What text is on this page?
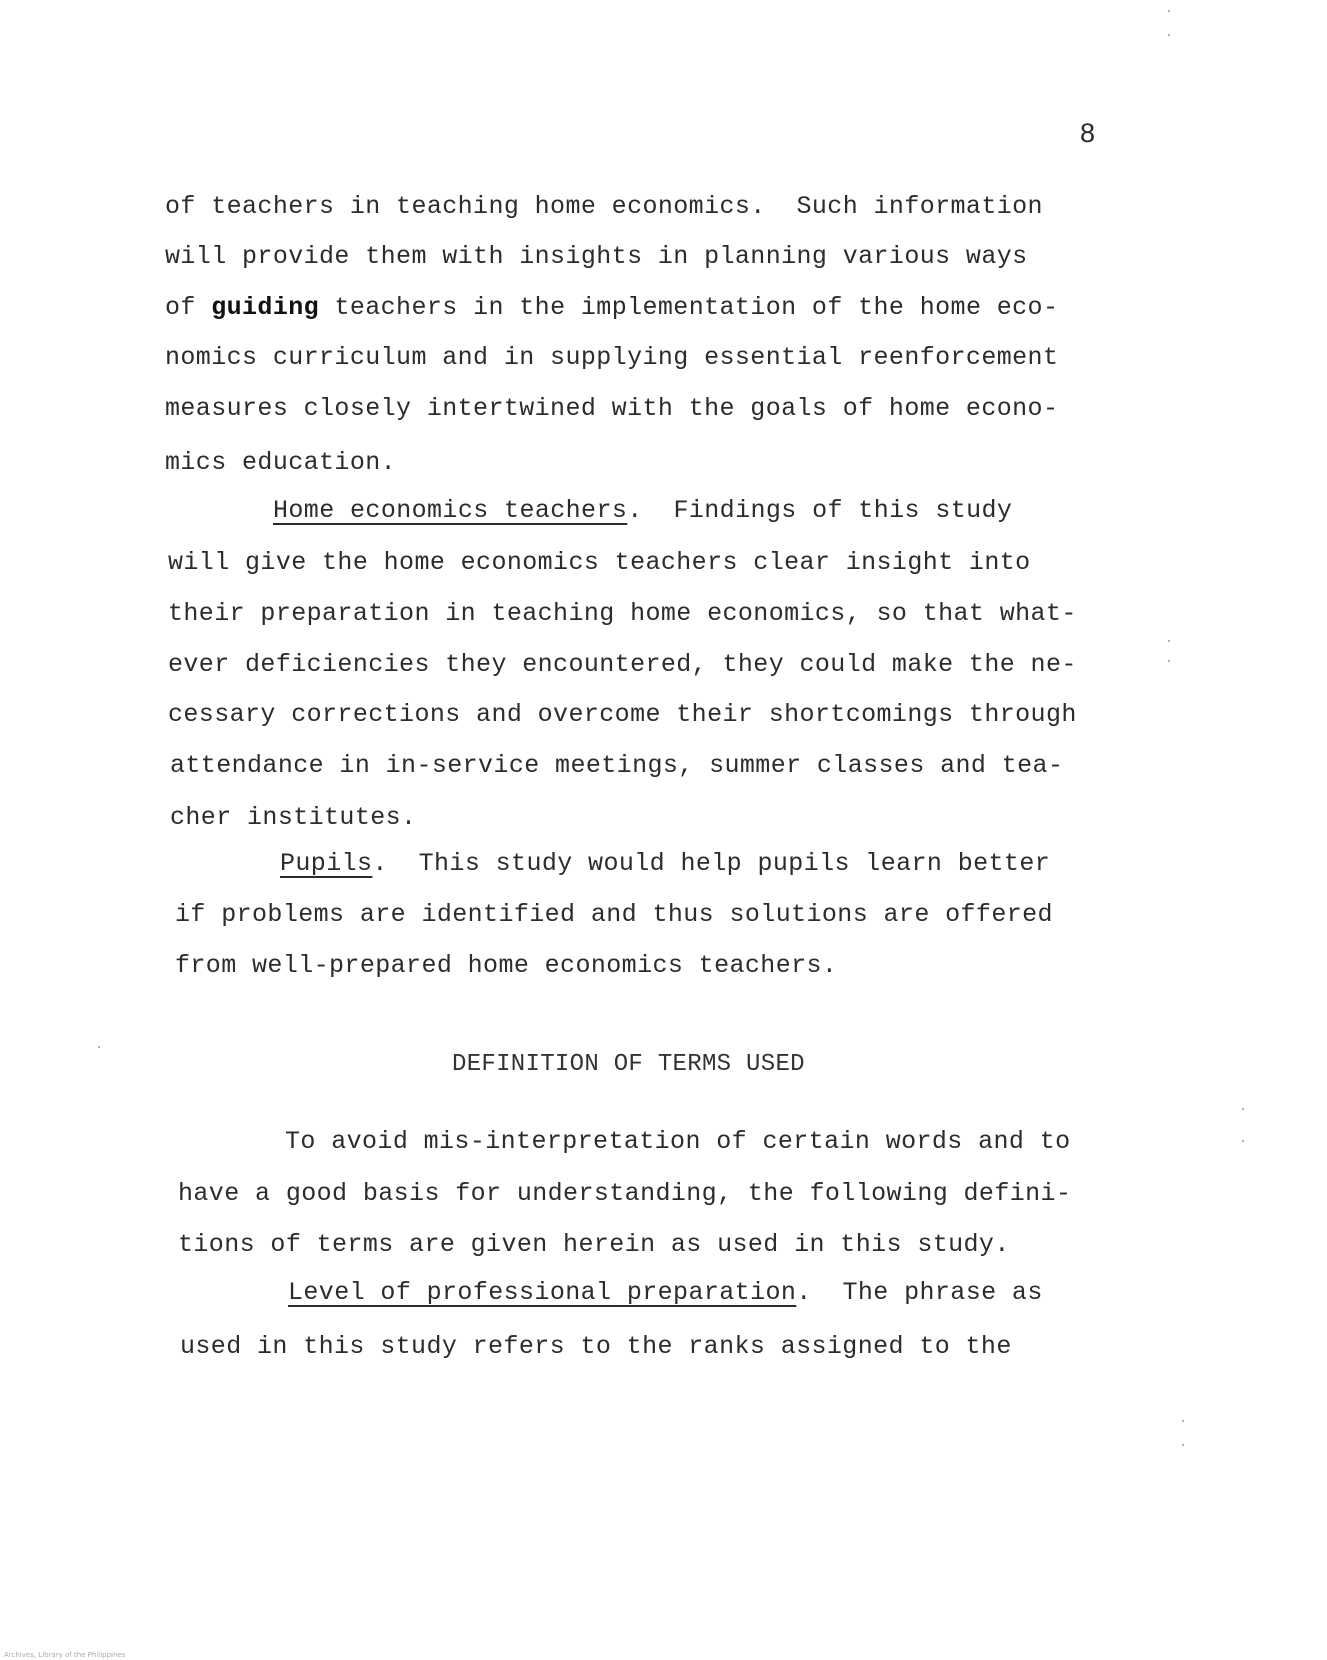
8
of teachers in teaching home economics.  Such information
will provide them with insights in planning various ways
of guiding teachers in the implementation of the home eco-
nomics curriculum and in supplying essential reenforcement
measures closely intertwined with the goals of home econo-
mics education.
Home economics teachers.  Findings of this study
will give the home economics teachers clear insight into
their preparation in teaching home economics, so that what-
ever deficiencies they encountered, they could make the ne-
cessary corrections and overcome their shortcomings through
attendance in in-service meetings, summer classes and tea-
cher institutes.
Pupils.  This study would help pupils learn better
if problems are identified and thus solutions are offered
from well-prepared home economics teachers.
DEFINITION OF TERMS USED
To avoid mis-interpretation of certain words and to
have a good basis for understanding, the following defini-
tions of terms are given herein as used in this study.
Level of professional preparation.  The phrase as
used in this study refers to the ranks assigned to the
Archives, Library of the Philippines
